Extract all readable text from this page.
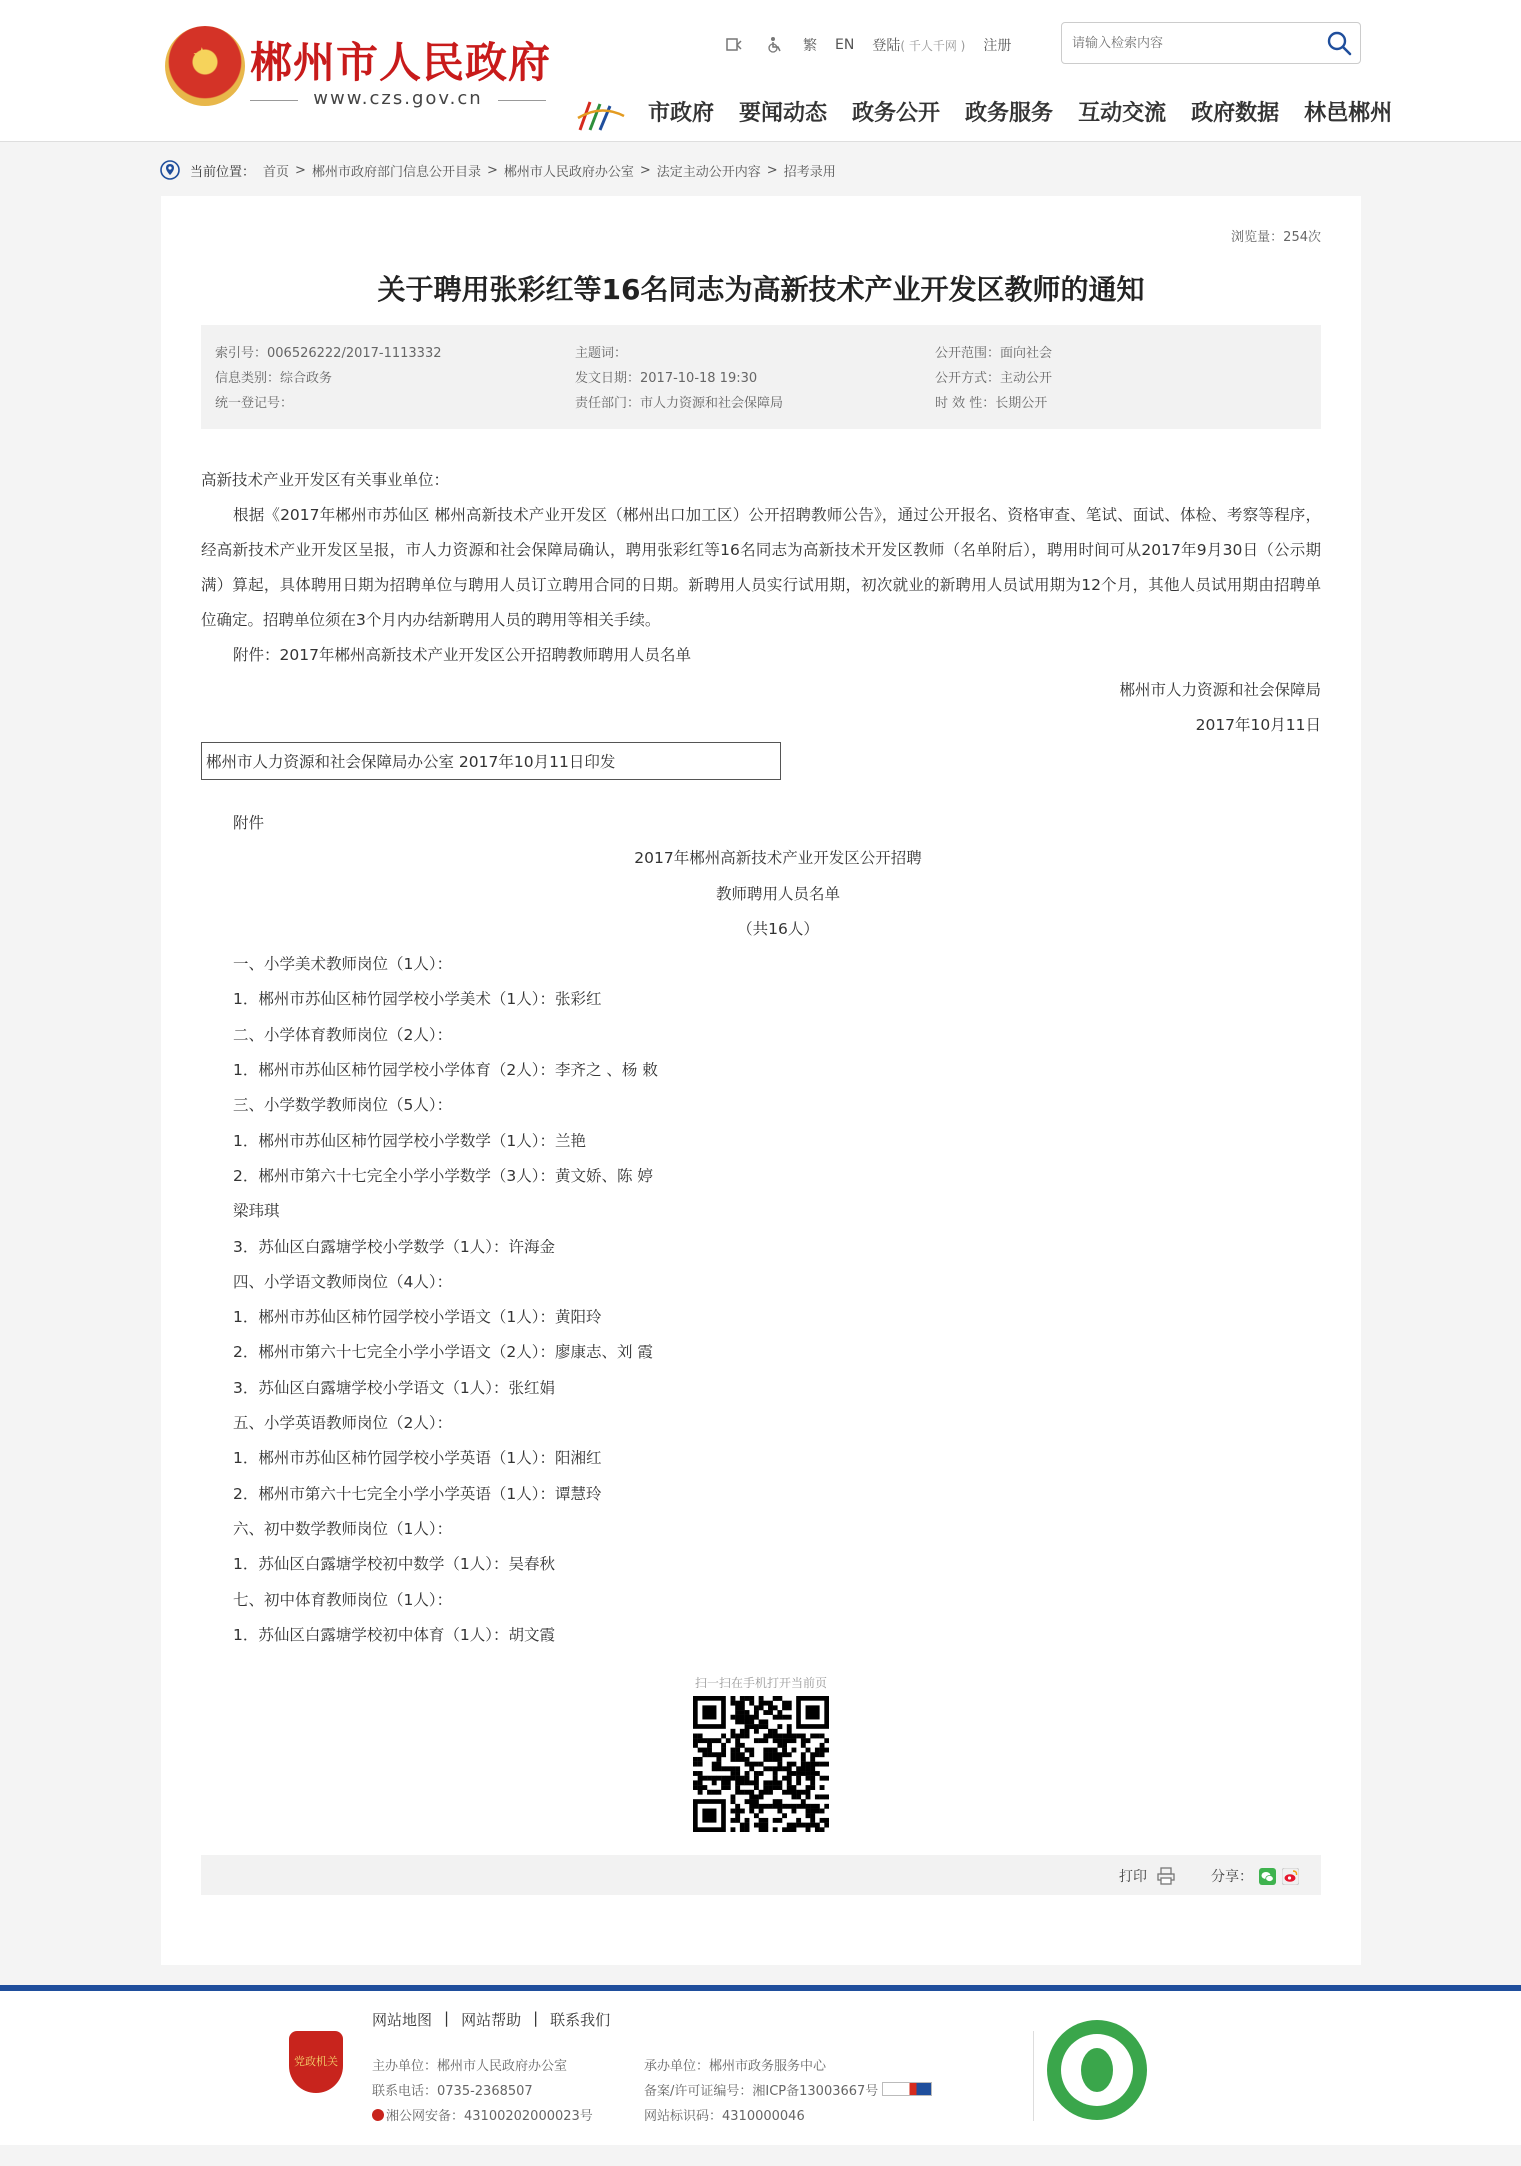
★
郴州市人民政府
www.czs.gov.cn
繁 EN 登陆( 千人千网 ) 注册
请输入检索内容
市政府 要闻动态 政务公开 政务服务 互动交流 政府数据 林邑郴州
当前位置： 首页 > 郴州市政府部门信息公开目录 > 郴州市人民政府办公室 > 法定主动公开内容 > 招考录用
浏览量：254次
关于聘用张彩红等16名同志为高新技术产业开发区教师的通知
索引号：006526222/2017-1113332	主题词：	公开范围：面向社会
信息类别：综合政务	发文日期：2017-10-18 19:30	公开方式：主动公开
统一登记号：	责任部门：市人力资源和社会保障局	时 效 性：长期公开
高新技术产业开发区有关事业单位：
根据《2017年郴州市苏仙区 郴州高新技术产业开发区（郴州出口加工区）公开招聘教师公告》，通过公开报名、资格审查、笔试、面试、体检、考察等程序，经高新技术产业开发区呈报，市人力资源和社会保障局确认，聘用张彩红等16名同志为高新技术开发区教师（名单附后），聘用时间可从2017年9月30日（公示期满）算起，具体聘用日期为招聘单位与聘用人员订立聘用合同的日期。新聘用人员实行试用期，初次就业的新聘用人员试用期为12个月，其他人员试用期由招聘单位确定。招聘单位须在3个月内办结新聘用人员的聘用等相关手续。
附件：2017年郴州高新技术产业开发区公开招聘教师聘用人员名单
郴州市人力资源和社会保障局
2017年10月11日
郴州市人力资源和社会保障局办公室 2017年10月11日印发
附件
2017年郴州高新技术产业开发区公开招聘
教师聘用人员名单
（共16人）
一、小学美术教师岗位（1人）：
1．郴州市苏仙区柿竹园学校小学美术（1人）：张彩红
二、小学体育教师岗位（2人）：
1．郴州市苏仙区柿竹园学校小学体育（2人）：李齐之 、杨 敕
三、小学数学教师岗位（5人）：
1．郴州市苏仙区柿竹园学校小学数学（1人）：兰艳
2．郴州市第六十七完全小学小学数学（3人）：黄文娇、陈 婷
梁玮琪
3．苏仙区白露塘学校小学数学（1人）：许海金
四、小学语文教师岗位（4人）：
1．郴州市苏仙区柿竹园学校小学语文（1人）：黄阳玲
2．郴州市第六十七完全小学小学语文（2人）：廖康志、刘 霞
3．苏仙区白露塘学校小学语文（1人）：张红娟
五、小学英语教师岗位（2人）：
1．郴州市苏仙区柿竹园学校小学英语（1人）：阳湘红
2．郴州市第六十七完全小学小学英语（1人）：谭慧玲
六、初中数学教师岗位（1人）：
1．苏仙区白露塘学校初中数学（1人）：吴春秋
七、初中体育教师岗位（1人）：
1．苏仙区白露塘学校初中体育（1人）：胡文霞
扫一扫在手机打开当前页
打印	分享：
党政机关
网站地图 | 网站帮助 | 联系我们
主办单位：郴州市人民政府办公室
联系电话：0735-2368507
湘公网安备：43100202000023号
承办单位：郴州市政务服务中心
备案/许可证编号：湘ICP备13003667号
网站标识码：4310000046
